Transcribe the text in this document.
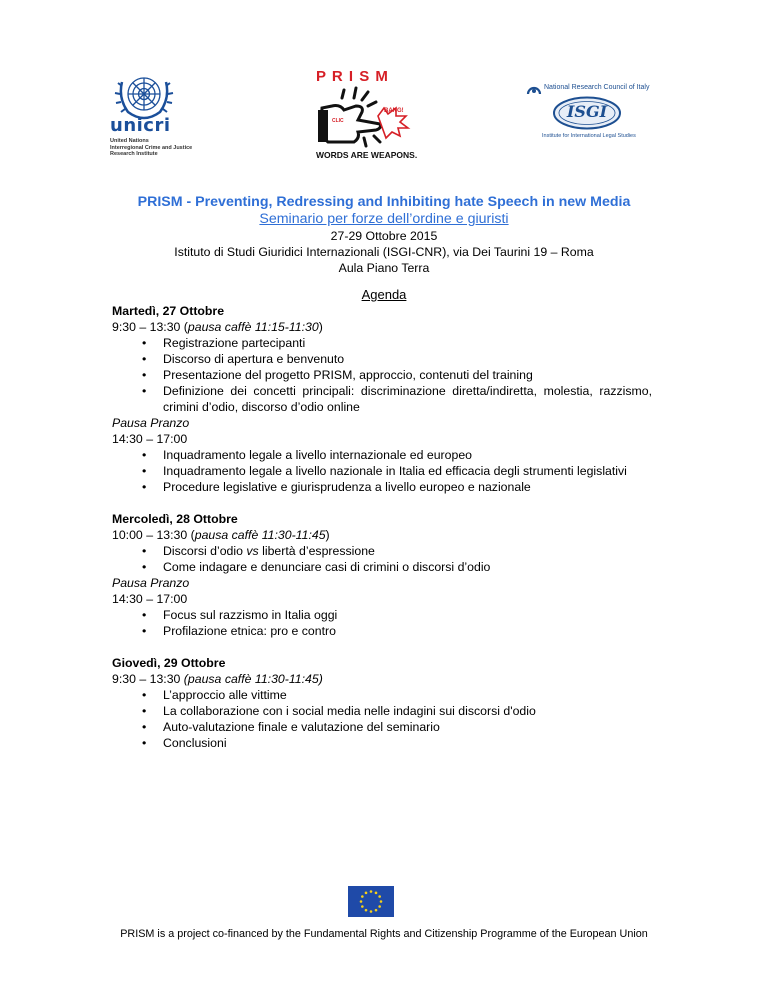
unicri
United Nations
Interregional Crime and Justice
Research Institute
P R I S M
CLIC
BANG!
WORDS ARE WEAPONS.
National Research Council of Italy
ISGI
Institute for International Legal Studies
PRISM - Preventing, Redressing and Inhibiting hate Speech in new Media
Seminario per forze dell’ordine e giuristi
27-29 Ottobre 2015
Istituto di Studi Giuridici Internazionali (ISGI-CNR), via Dei Taurini 19 – Roma
Aula Piano Terra
Agenda
Martedì, 27 Ottobre
9:30 – 13:30 (pausa caffè 11:15-11:30)
• Registrazione partecipanti
• Discorso di apertura e benvenuto
• Presentazione del progetto PRISM, approccio, contenuti del training
• Definizione dei concetti principali: discriminazione diretta/indiretta, molestia, razzismo, crimini d’odio, discorso d’odio online
Pausa Pranzo
14:30 – 17:00
• Inquadramento legale a livello internazionale ed europeo
• Inquadramento legale a livello nazionale in Italia ed efficacia degli strumenti legislativi
• Procedure legislative e giurisprudenza a livello europeo e nazionale
Mercoledì, 28 Ottobre
10:00 – 13:30 (pausa caffè 11:30-11:45)
• Discorsi d’odio vs libertà d’espressione
• Come indagare e denunciare casi di crimini o discorsi d’odio
Pausa Pranzo
14:30 – 17:00
• Focus sul razzismo in Italia oggi
• Profilazione etnica: pro e contro
Giovedì, 29 Ottobre
9:30 – 13:30 (pausa caffè 11:30-11:45)
• L’approccio alle vittime
• La collaborazione con i social media nelle indagini sui discorsi d'odio
• Auto-valutazione finale e valutazione del seminario
• Conclusioni
PRISM is a project co-financed by the Fundamental Rights and Citizenship Programme of the European Union
